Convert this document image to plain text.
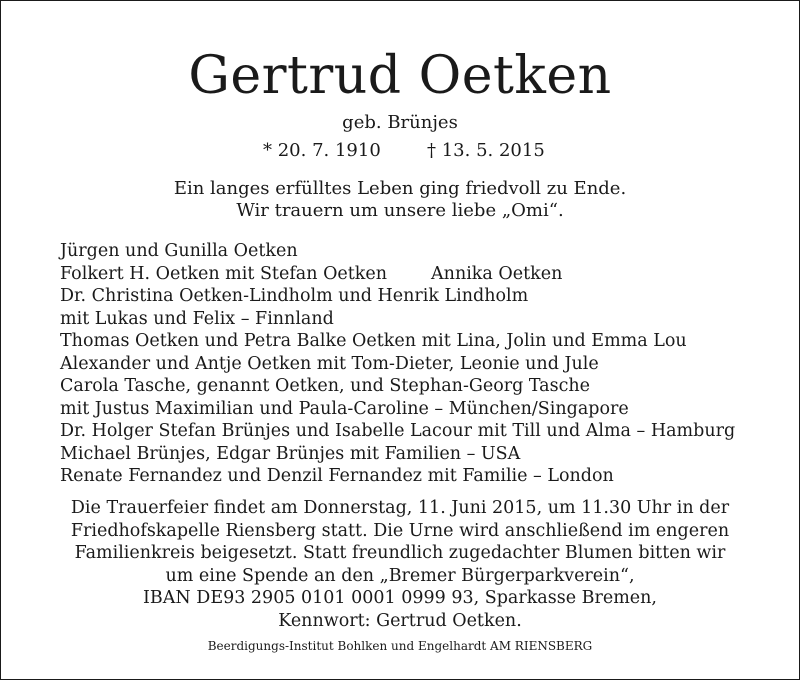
Gertrud Oetken
geb. Brünjes
* 20. 7. 1910	† 13. 5. 2015
Ein langes erfülltes Leben ging friedvoll zu Ende.
Wir trauern um unsere liebe „Omi“.
Jürgen und Gunilla Oetken
Folkert H. Oetken mit Stefan Oetken	Annika Oetken
Dr. Christina Oetken-Lindholm und Henrik Lindholm
mit Lukas und Felix – Finnland
Thomas Oetken und Petra Balke Oetken mit Lina, Jolin und Emma Lou
Alexander und Antje Oetken mit Tom-Dieter, Leonie und Jule
Carola Tasche, genannt Oetken, und Stephan-Georg Tasche
mit Justus Maximilian und Paula-Caroline – München/Singapore
Dr. Holger Stefan Brünjes und Isabelle Lacour mit Till und Alma – Hamburg
Michael Brünjes, Edgar Brünjes mit Familien – USA
Renate Fernandez und Denzil Fernandez mit Familie – London
Die Trauerfeier findet am Donnerstag, 11. Juni 2015, um 11.30 Uhr in der
Friedhofskapelle Riensberg statt. Die Urne wird anschließend im engeren
Familienkreis beigesetzt. Statt freundlich zugedachter Blumen bitten wir
um eine Spende an den „Bremer Bürgerparkverein“,
IBAN DE93 2905 0101 0001 0999 93, Sparkasse Bremen,
Kennwort: Gertrud Oetken.
Beerdigungs-Institut Bohlken und Engelhardt AM RIENSBERG
